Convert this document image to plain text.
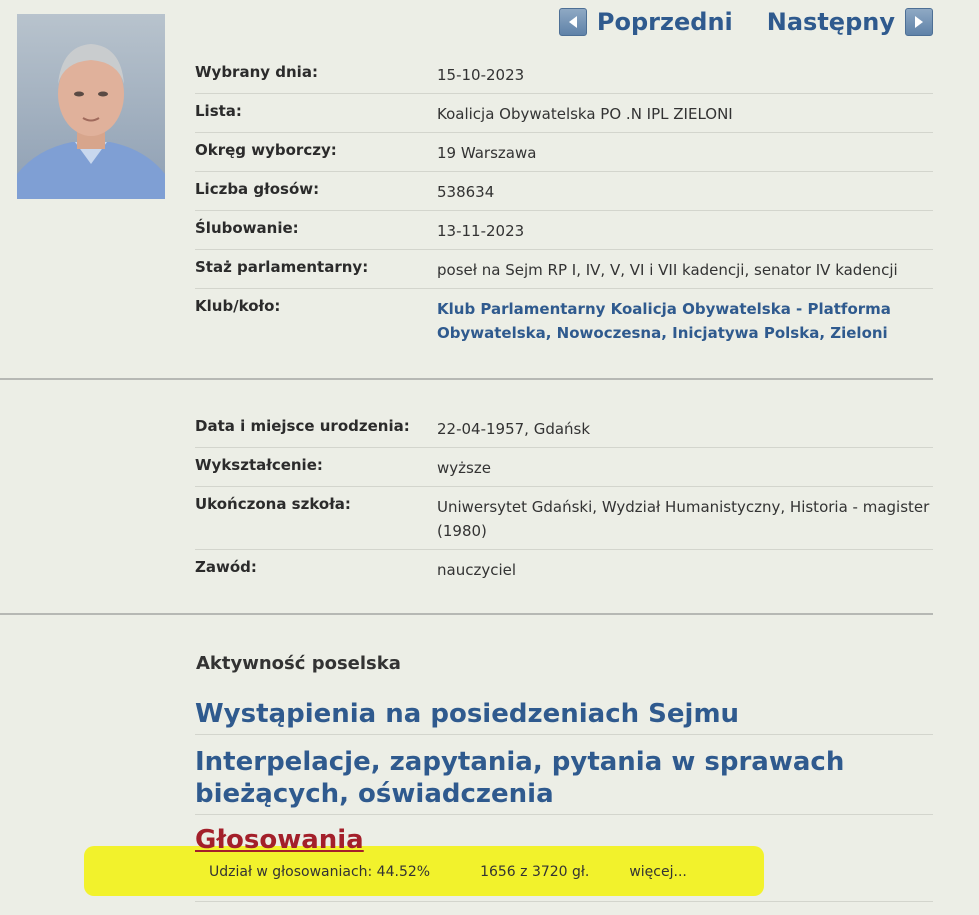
Poprzedni Następny
Wybrany dnia:	15-10-2023
Lista:	Koalicja Obywatelska PO .N IPL ZIELONI
Okręg wyborczy:	19 Warszawa
Liczba głosów:	538634
Ślubowanie:	13-11-2023
Staż parlamentarny:	poseł na Sejm RP I, IV, V, VI i VII kadencji, senator IV kadencji
Klub/koło:	Klub Parlamentarny Koalicja Obywatelska - Platforma Obywatelska, Nowoczesna, Inicjatywa Polska, Zieloni
Data i miejsce urodzenia:	22-04-1957, Gdańsk
Wykształcenie:	wyższe
Ukończona szkoła:	Uniwersytet Gdański, Wydział Humanistyczny, Historia - magister (1980)
Zawód:	nauczyciel
Aktywność poselska
Wystąpienia na posiedzeniach Sejmu
Interpelacje, zapytania, pytania w sprawach bieżących, oświadczenia
Głosowania
Udział w głosowaniach: 44.52%	1656 z 3720 gł.	więcej...
